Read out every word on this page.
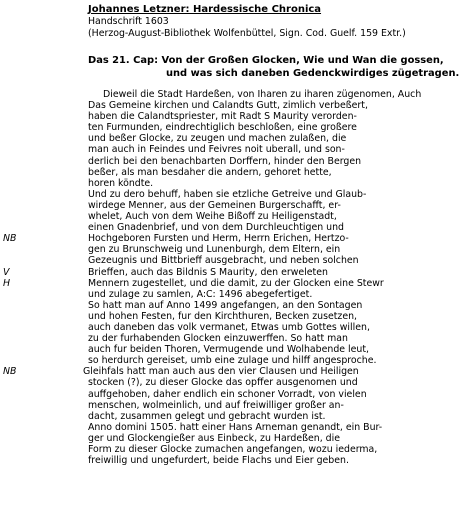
Johannes Letzner: Hardessische Chronica
Handschrift 1603
(Herzog-August-Bibliothek Wolfenbüttel, Sign. Cod. Guelf. 159 Extr.)
Das 21. Cap: Von der Großen Glocken, Wie und Wan die gossen,
und was sich daneben Gedenckwirdiges zügetragen.
Dieweil die Stadt Hardeßen, von Iharen zu iharen zügenomen, Auch
Das Gemeine kirchen und Calandts Gutt, zimlich verbeßert,
haben die Calandtspriester, mit Radt S Maurity verorden-
ten Furmunden, eindrechtiglich beschloßen, eine großere
und beßer Glocke, zu zeugen und machen zulaßen, die
man auch in Feindes und Feivres noit uberall, und son-
derlich bei den benachbarten Dorffern, hinder den Bergen
beßer, als man besdaher die andern, gehoret hette,
horen köndte.
Und zu dero behuff, haben sie etzliche Getreive und Glaub-
wirdege Menner, aus der Gemeinen Burgerschafft, er-
whelet, Auch von dem Weihe Bißoff zu Heiligenstadt,
einen Gnadenbrief, und von dem Durchleuchtigen und
NB	Hochgeboren Fursten und Herm, Herrn Erichen, Hertzo-
gen zu Brunschweig und Lunenburgh, dem Eltern, ein
Gezeugnis und Bittbrieff ausgebracht, und neben solchen
V	Brieffen, auch das Bildnis S Maurity, den erweleten
H	Mennern zugestellet, und die damit, zu der Glocken eine Stewr
und zulage zu samlen, A:C: 1496 abegefertiget.
So hatt man auf Anno 1499 angefangen, an den Sontagen
und hohen Festen, fur den Kirchthuren, Becken zusetzen,
auch daneben das volk vermanet, Etwas umb Gottes willen,
zu der furhabenden Glocken einzuwerffen. So hatt man
auch fur beiden Thoren, Vermugende und Wolhabende leut,
so herdurch gereiset, umb eine zulage und hilff angesproche.
NB	Gleihfals hatt man auch aus den vier Clausen und Heiligen
stocken (?), zu dieser Glocke das opffer ausgenomen und
auffgehoben, daher endlich ein schoner Vorradt, von vielen
menschen, wolmeinlich, und auf freiwilliger großer an-
dacht, zusammen gelegt und gebracht wurden ist.
Anno domini 1505. hatt einer Hans Arneman genandt, ein Bur-
ger und Glockengießer aus Einbeck, zu Hardeßen, die
Form zu dieser Glocke zumachen angefangen, wozu iederma,
freiwillig und ungefurdert, beide Flachs und Eier geben.
